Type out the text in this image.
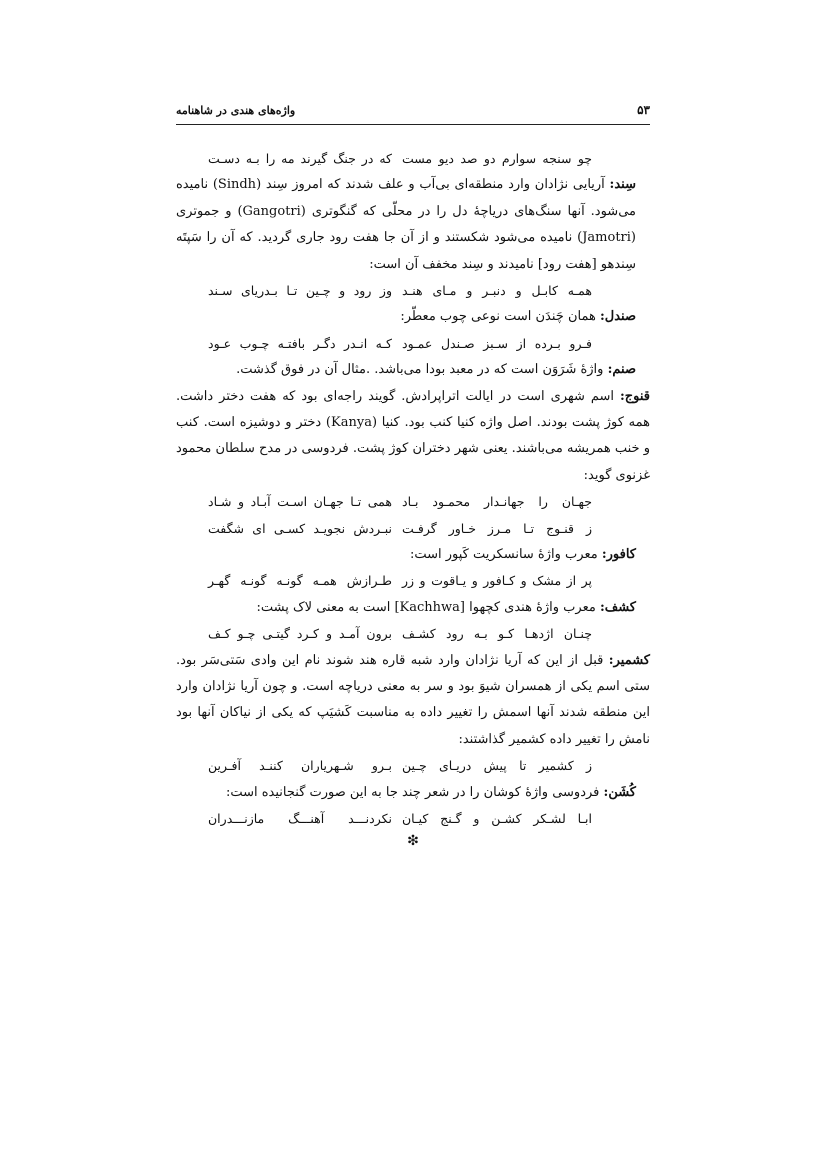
واژه‌های هندی در شاهنامه	۵۳
چو سنجه سوارم دو صد دیو مست
که در جنگ گیرند مه را بـه دسـت

سِند: آریایی نژادان وارد منطقه‌ای بی‌آب و علف شدند که امروز سِند (Sindh) نامیده می‌شود. آنها سنگ‌های دریاچهٔ دل را در محلّی که گنگوتری (Gangotri) و جموتری (Jamotri) نامیده می‌شود شکستند و از آن جا هفت رود جاری گردید. که آن را سَپتَه سِندهو [هفت رود] نامیدند و سِند مخفف آن است:

همـه کابـل و دنبـر و مـای هنـد
وز رود و چـین تـا بـدریای سـند

صندل: همان چَندَن است نوعی چوب معطّر:

فـرو بـرده از سـبز صـندل عمـود
کـه انـدر دگـر بافتـه چـوب عـود

صنم: واژهٔ شَرَوَن است که در معبد بودا می‌باشد. .مثال آن در فوق گذشت.

قنوج: اسم شهری است در ایالت اتراپرادش. گویند راجه‌ای بود که هفت دختر داشت. همه کوژ پشت بودند. اصل واژه کنیا کنب بود. کنیا (Kanya) دختر و دوشیزه است. کنب و خنب همریشه می‌باشند. یعنی شهر دختران کوژ پشت. فردوسی در مدح سلطان محمود غزنوی گوید:

جهـان را جهانـدار محمـود بـاد
همی تـا جهـان اسـت آبـاد و شـاد
ز قنـوج تـا مـرز خـاور گرفـت
نبـردش نجویـد کسـی ای شگفت

کافور: معرب واژهٔ سانسکریت کَپور است:

پر از مشک و کـافور و یـاقوت و زر
طـرازش همـه گونـه گونـه گهـر

کشف: معرب واژهٔ هندی کچهوا [Kachhwa] است به معنی لاک پشت:

چنـان اژدهـا کـو بـه رود کشـف
برون آمـد و کـرد گیتـی چـو کـف

کشمیر: قبل از این که آریا نژادان وارد شبه قاره هند شوند نام این وادی سَتی‌سَر بود. ستی اسم یکی از همسران شیوَ بود و سر به معنی دریاچه است. و چون آریا نژادان وارد این منطقه شدند آنها اسمش را تغییر داده به مناسبت کَشیَپ که یکی از نیاکان آنها بود نامش را تغییر داده کشمیر گذاشتند:

ز کشمیر تا پیش دریـای چـین
بـرو شـهریاران کننـد آفـرین

کُشَن: فردوسی واژهٔ کوشان را در شعر چند جا به این صورت گنجانیده است:

ابـا لشـکر کشـن و گـنج کیـان
نکردنـــد آهنـــگ مازنـــدران
❇
